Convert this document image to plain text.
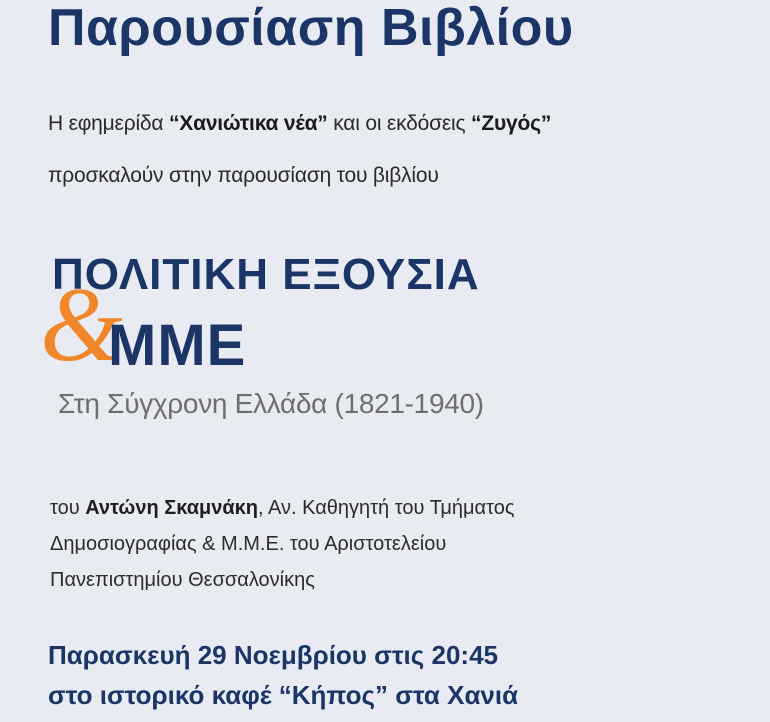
Παρουσίαση Βιβλίου
Η εφημερίδα “Χανιώτικα νέα” και οι εκδόσεις “Ζυγός”
προσκαλούν στην παρουσίαση του βιβλίου
&
ΠΟΛΙΤΙΚΗ ΕΞΟΥΣΙΑ
ΜΜΕ
Στη Σύγχρονη Ελλάδα (1821-1940)
του Αντώνη Σκαμνάκη, Αν. Καθηγητή του Τμήματος
Δημοσιογραφίας & Μ.Μ.Ε. του Αριστοτελείου
Πανεπιστημίου Θεσσαλονίκης
Παρασκευή 29 Νοεμβρίου στις 20:45
στο ιστορικό καφέ “Κήπος” στα Χανιά
